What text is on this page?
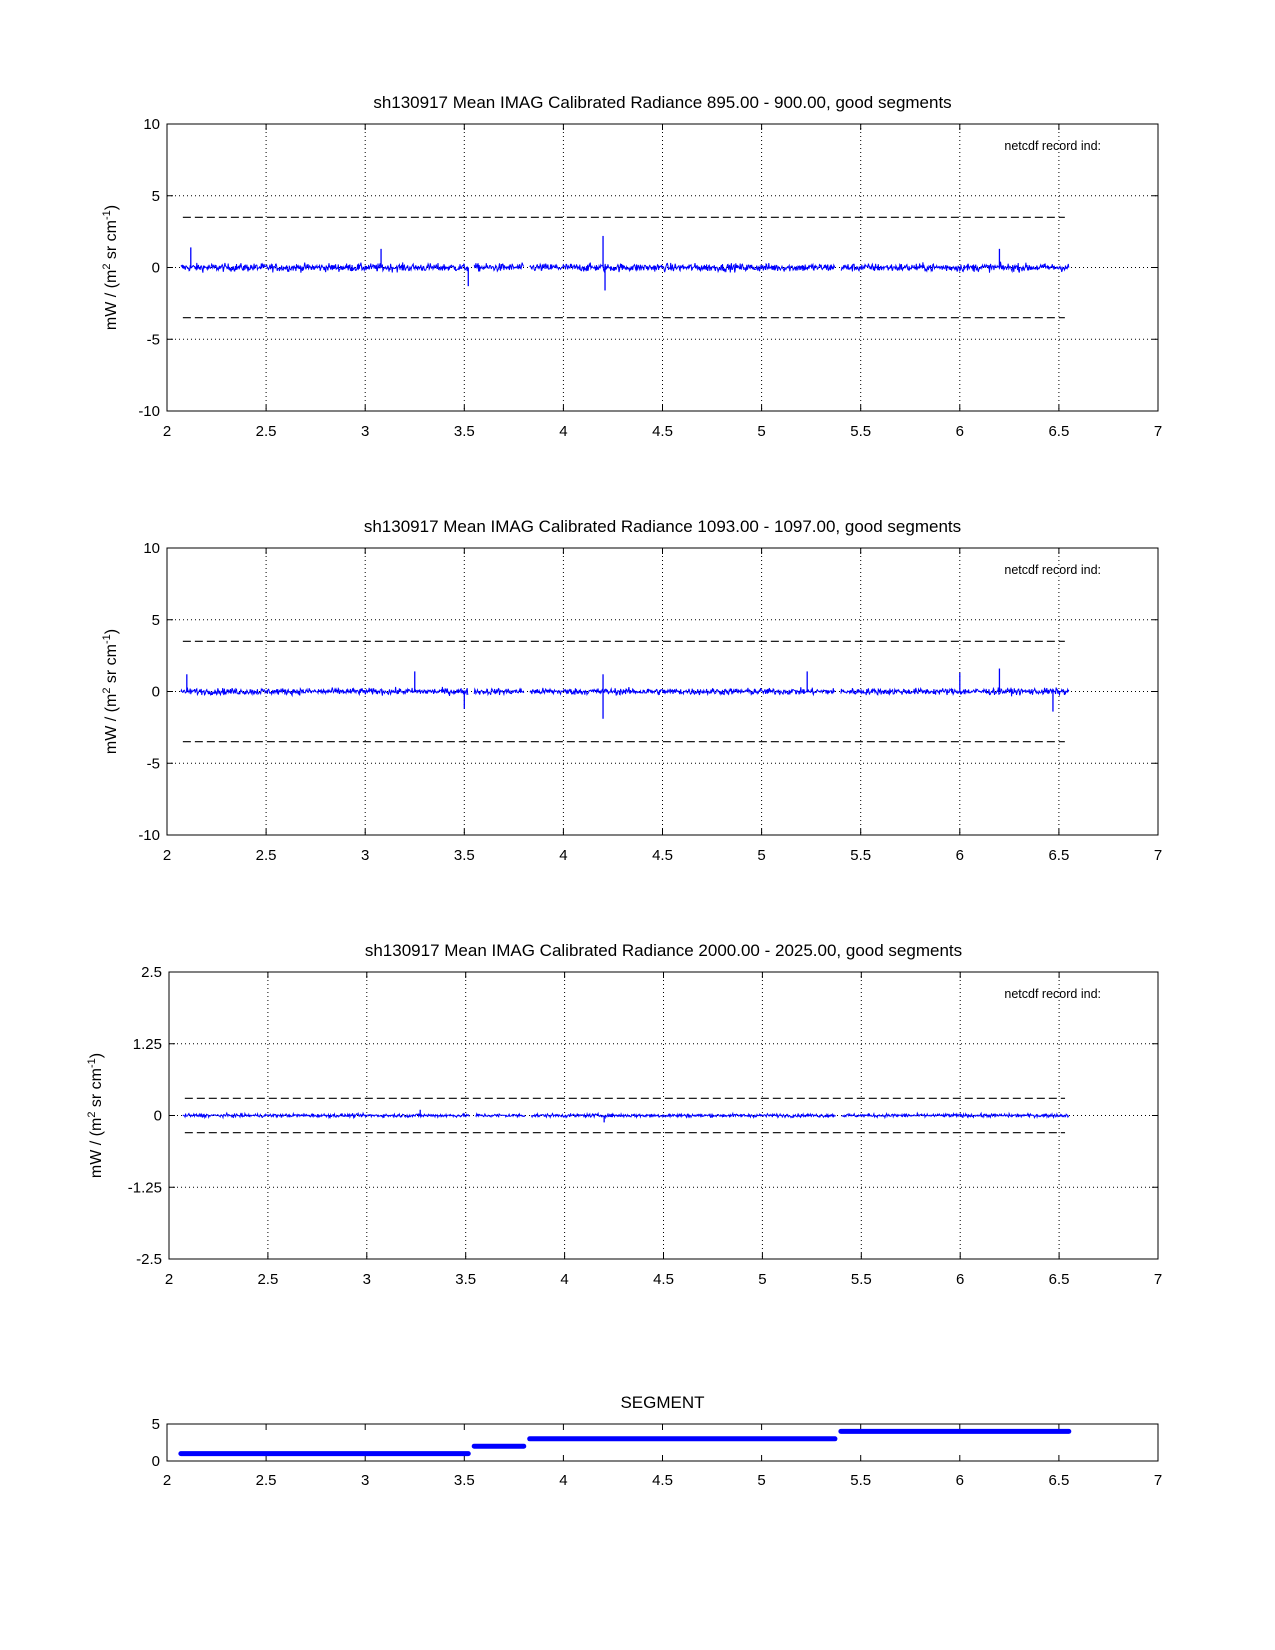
2	2.5	3	3.5	4	4.5	5	5.5	6	6.5	7
10
5
0
-5
-10
sh130917 Mean IMAG Calibrated Radiance 895.00 - 900.00, good segments
mW / ($m^2$ sr $cm^{-1}$)
netcdf record ind:
2	2.5	3	3.5	4	4.5	5	5.5	6	6.5	7
10
5
0
-5
-10
sh130917 Mean IMAG Calibrated Radiance 1093.00 - 1097.00, good segments
mW / ($m^2$ sr $cm^{-1}$)
netcdf record ind:
2	2.5	3	3.5	4	4.5	5	5.5	6	6.5	7
2.5
1.25
0
-1.25
-2.5
sh130917 Mean IMAG Calibrated Radiance 2000.00 - 2025.00, good segments
mW / ($m^2$ sr $cm^{-1}$)
netcdf record ind:
2	2.5	3	3.5	4	4.5	5	5.5	6	6.5	7
5
0
SEGMENT
